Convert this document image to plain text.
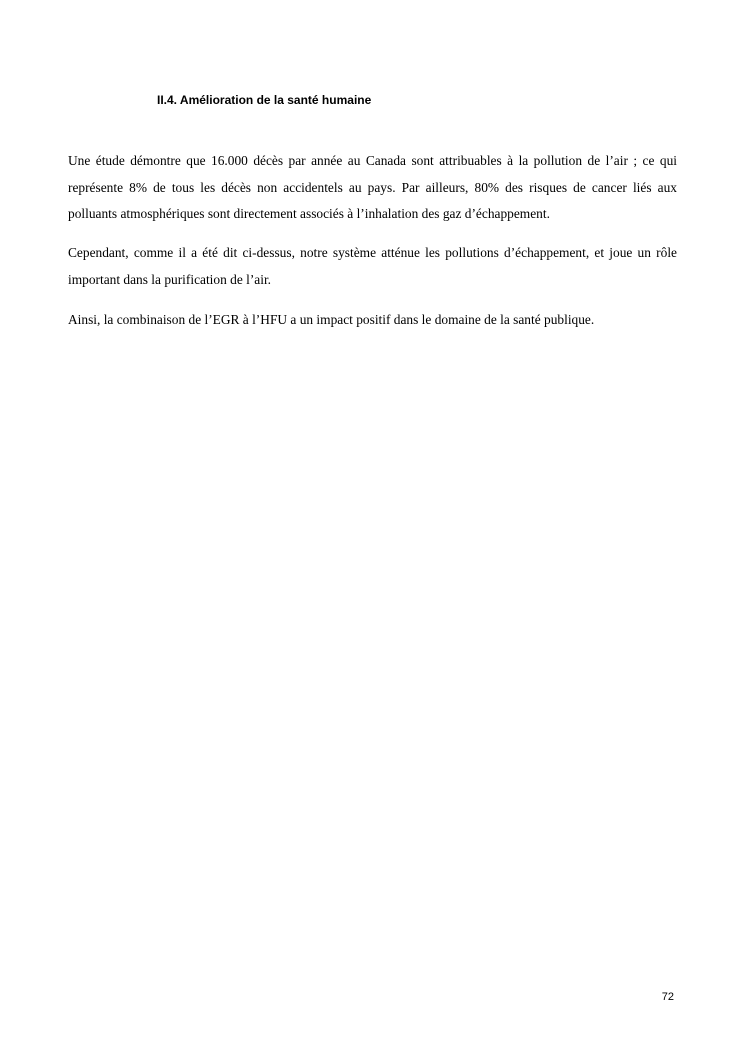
II.4. Amélioration de la santé humaine

Une étude démontre que 16.000 décès par année au Canada sont attribuables à la pollution de l’air ; ce qui représente 8% de tous les décès non accidentels au pays. Par ailleurs, 80% des risques de cancer liés aux polluants atmosphériques sont directement associés à l’inhalation des gaz d’échappement.

Cependant, comme il a été dit ci-dessus, notre système atténue les pollutions d’échappement, et joue un rôle important dans la purification de l’air.

Ainsi, la combinaison de l’EGR à l’HFU a un impact positif dans le domaine de la santé publique.

72
